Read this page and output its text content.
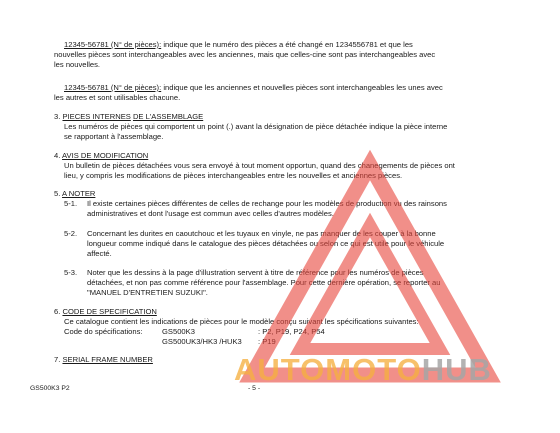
12345-56781 (N° de pièces): indique que le numéro des pièces a été changé en 1234556781 et que les
nouvelles pièces sont interchangeables avec les anciennes, mais que celles-cine sont pas interchangeables avec
les nouvelles.
12345-56781 (N° de pièces): indique que les anciennes et nouvelles pièces sont interchangeables les unes avec
les autres et sont utilisables chacune.
3. PIECES INTERNES DE L'ASSEMBLAGE
Les numéros de pièces qui comportent un point (.) avant la désignation de pièce détachée indique la pièce interne
se rapportant à l'assemblage.
4. AVIS DE MODIFICATION
Un bulletin de pièces détachées vous sera envoyé à tout moment opportun, quand des chanegements de pièces ont
lieu, y compris les modifications de pièces interchangeables entre les nouvelles et anciennes pièces.
5. A NOTER
5-1. Il existe certaines pièces différentes de celles de rechange pour les modèles de production vu des rainsons
administratives et dont l'usage est commun avec celles d'autres modèles.
5-2. Concernant les durites en caoutchouc et les tuyaux en vinyle, ne pas manquer de les couper à la bonne
longueur comme indiqué dans le catalogue des pièces détachées ou selon ce qui est utile pour le véhicule
affecté.
5-3. Noter que les dessins à la page d'illustration servent à titre de référence pour les numéros de pièces
détachées, et non pas comme référence pour l'assemblage. Pour cette dernière opération, se reporter au
"MANUEL D'ENTRETIEN SUZUKI".
6. CODE DE SPECIFICATION
Ce catalogue contient les indications de pièces pour le modèle conçu suivant les spécifications suivantes:
Code do spécifications:	GS500K3	: P2, P19, P24, P54
GS500UK3/HK3 /HUK3 : P19
7. SERIAL FRAME NUMBER
GS500K3 P2	- 5 -
AUTOMOTOHUB
